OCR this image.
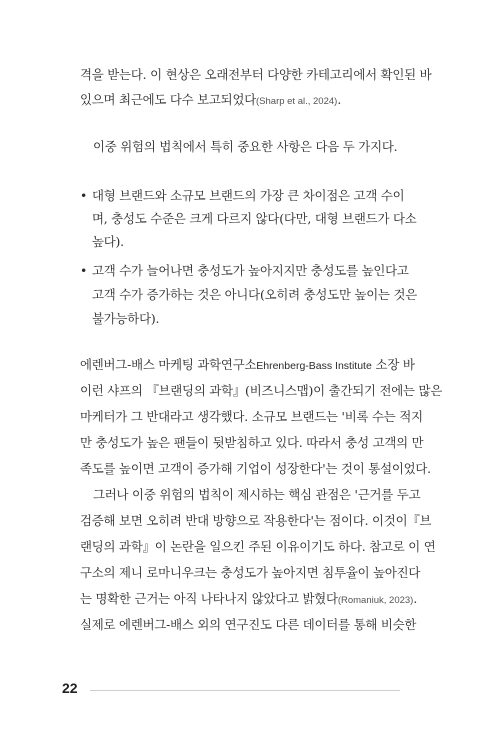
격을 받는다. 이 현상은 오래전부터 다양한 카테고리에서 확인된 바
있으며 최근에도 다수 보고되었다(Sharp et al., 2024).
이중 위험의 법칙에서 특히 중요한 사항은 다음 두 가지다.
• 대형 브랜드와 소규모 브랜드의 가장 큰 차이점은 고객 수이
며, 충성도 수준은 크게 다르지 않다(다만, 대형 브랜드가 다소
높다).
• 고객 수가 늘어나면 충성도가 높아지지만 충성도를 높인다고
고객 수가 증가하는 것은 아니다(오히려 충성도만 높이는 것은
불가능하다).
에렌버그-배스 마케팅 과학연구소Ehrenberg-Bass Institute 소장 바
이런 샤프의 『브랜딩의 과학』(비즈니스맵)이 출간되기 전에는 많은
마케터가 그 반대라고 생각했다. 소규모 브랜드는 '비록 수는 적지
만 충성도가 높은 팬들이 뒷받침하고 있다. 따라서 충성 고객의 만
족도를 높이면 고객이 증가해 기업이 성장한다'는 것이 통설이었다.
그러나 이중 위험의 법칙이 제시하는 핵심 관점은 '근거를 두고
검증해 보면 오히려 반대 방향으로 작용한다'는 점이다. 이것이『브
랜딩의 과학』이 논란을 일으킨 주된 이유이기도 하다. 참고로 이 연
구소의 제니 로마니우크는 충성도가 높아지면 침투율이 높아진다
는 명확한 근거는 아직 나타나지 않았다고 밝혔다(Romaniuk, 2023).
실제로 에렌버그-배스 외의 연구진도 다른 데이터를 통해 비슷한
22
